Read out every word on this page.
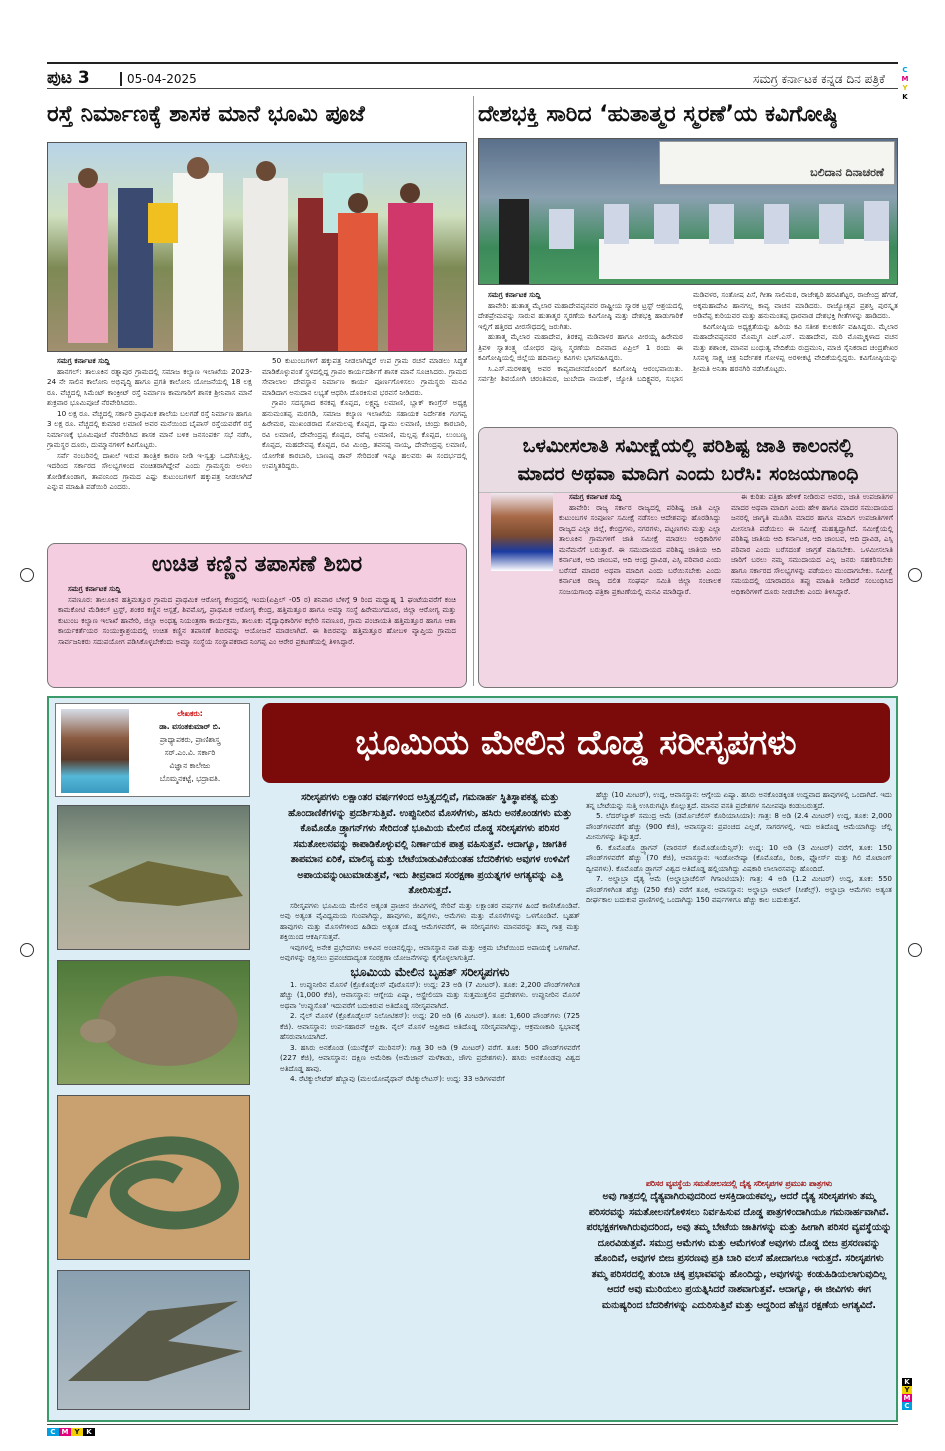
ಪುಟ 3	05-04-2025	ಸಮಗ್ರ ಕರ್ನಾಟಕ ಕನ್ನಡ ದಿನ ಪತ್ರಿಕೆ
C
M
Y
K
ರಸ್ತೆ ನಿರ್ಮಾಣಕ್ಕೆ ಶಾಸಕ ಮಾನೆ ಭೂಮಿ ಪೂಜೆ
ಸಮಗ್ರ ಕರ್ನಾಟಕ ಸುದ್ದಿ

ಹಾನಗಲ್: ತಾಲೂಕಿನ ರತ್ನಾಪುರ ಗ್ರಾಮದಲ್ಲಿ ಸಮಾಜ ಕಲ್ಯಾಣ ಇಲಾಖೆಯ 2023-24 ನೇ ಸಾಲಿನ ಕಾಲೋನಿ ಅಭಿವೃದ್ಧಿ ಹಾಗೂ ಪ್ರಗತಿ ಕಾಲೋನಿ ಯೋಜನೆಯಲ್ಲಿ 18 ಲಕ್ಷ ರೂ. ವೆಚ್ಚದಲ್ಲಿ ಸಿಮೆಂಟ್ ಕಾಂಕ್ರೀಟ್ ರಸ್ತೆ ನಿರ್ಮಾಣ ಕಾಮಗಾರಿಗೆ ಶಾಸಕ ಶ್ರೀನಿವಾಸ ಮಾನೆ ಶುಕ್ರವಾರ ಭೂಮಿಪೂಜೆ ನೆರವೇರಿಸಿದರು.

10 ಲಕ್ಷ ರೂ. ವೆಚ್ಚದಲ್ಲಿ ಸರ್ಕಾರಿ ಪ್ರಾಥಮಿಕ ಶಾಲೆಯ ಬಲಗಡೆ ರಸ್ತೆ ನಿರ್ಮಾಣ ಹಾಗೂ 3 ಲಕ್ಷ ರೂ. ವೆಚ್ಚದಲ್ಲಿ ಕುಮಾರ ಲಮಾಣಿ ಅವರ ಮನೆಯಿಂದ ಬೈಪಾಸ್ ರಸ್ತೆಯವರೆಗೆ ರಸ್ತೆ ನಿರ್ಮಾಣಕ್ಕೆ ಭೂಮಿಪೂಜೆ ನೆರವೇರಿಸಿದ ಶಾಸಕ ಮಾನೆ ಬಳಿಕ ಜನಸಂಪರ್ಕ ಸಭೆ ನಡೆಸಿ, ಗ್ರಾಮಸ್ಥರ ದೂರು, ದುಮ್ಮಾನಗಳಿಗೆ ಕಿವಿಗೊಟ್ಟರು.

ಸರ್ವೆ ನಂಬರಿನಲ್ಲಿ ದಾಖಲೆ ಇರುವ ತಾಂತ್ರಿಕ ಕಾರಣ ನೀಡಿ ಇ-ಸ್ವತ್ತು ಒದಗಿಸುತ್ತಿಲ್ಲ. ಇದರಿಂದ ಸರ್ಕಾರದ ಸೌಲಭ್ಯಗಳಿಂದ ವಂಚಿತರಾಗಿದ್ದೇವೆ ಎಂದು ಗ್ರಾಮಸ್ಥರು ಅಳಲು ತೋಡಿಕೊಂಡಾಗ, ತಾಪಂನಿಂದ ಗ್ರಾಮದ ಎಷ್ಟು ಕುಟುಂಬಗಳಿಗೆ ಹಕ್ಕುಪತ್ರ ನೀಡಲಾಗಿದೆ ಎನ್ನುವ ಮಾಹಿತಿ ಪಡೆಯಿರಿ ಎಂದರು.

50 ಕುಟುಂಬಗಳಿಗೆ ಹಕ್ಕುಪತ್ರ ನೀಡಲಾಗಿದ್ದರೆ ಉಪ ಗ್ರಾಮ ರಚನೆ ಮಾಡಲು ಸಿದ್ಧತೆ ಮಾಡಿಕೊಳ್ಳುವಂತೆ ಸ್ಥಳದಲ್ಲಿದ್ದ ಗ್ರಾಪಂ ಕಾರ್ಯದರ್ಶಿಗೆ ಶಾಸಕ ಮಾನೆ ಸೂಚಿಸಿದರು. ಗ್ರಾಮದ ಸೇವಾಲಾಲ ದೇವಸ್ಥಾನ ನಿರ್ಮಾಣ ಕಾರ್ಯ ಪೂರ್ಣಗೊಳಿಸಲು ಗ್ರಾಮಸ್ಥರು ಮನವಿ ಮಾಡಿದಾಗ ಅನುದಾನ ಲಭ್ಯತೆ ಆಧರಿಸಿ ದೊರಕಿಸುವ ಭರವಸೆ ನೀಡಿದರು.

ಗ್ರಾಪಂ ಸದಸ್ಯರಾದ ಕನಕಪ್ಪ ಕೊಪ್ಪದ, ಲಕ್ಷ್ಮವ್ವ ಲಮಾಣಿ, ಬ್ಲಾಕ್ ಕಾಂಗ್ರೆಸ್ ಅಧ್ಯಕ್ಷ ಹನುಮಂತಪ್ಪ ಮರಗಡಿ, ಸಮಾಜ ಕಲ್ಯಾಣ ಇಲಾಖೆಯ ಸಹಾಯಕ ನಿರ್ದೇಶಕಿ ಗಂಗವ್ವ ಹಿರೇಮಠ, ಮುಖಂಡರಾದ ಸೋಮಲಪ್ಪ ಕೊಪ್ಪದ, ದ್ಯಾಮು ಲಮಾಣಿ, ಚಂದ್ರು ಕಾರಬಾರಿ, ರವಿ ಲಮಾಣಿ, ದೇವೇಂದ್ರಪ್ಪ ಕೊಪ್ಪದ, ರವೆಪ್ಪ ಲಮಾಣಿ, ಮಲ್ಲಪ್ಪ ಕೊಪ್ಪದ, ಲುಂಬಣ್ಣ ಕೊಪ್ಪದ, ಮಹದೇವಪ್ಪ ಕೊಪ್ಪದ, ರವಿ ಮಿಂದ್ರಿ, ತವನಪ್ಪ ನಾಯ್ಕ, ದೇವೇಂದ್ರಪ್ಪ ಲಮಾಣಿ, ಯೋಗೇಶ ಕಾರಬಾರಿ, ಬಾಣಪ್ಪ ಡಾವ್ ಸೇರಿದಂತೆ ಇನ್ನೂ ಹಲವರು ಈ ಸಂದರ್ಭದಲ್ಲಿ ಉಪಸ್ಥಿತರಿದ್ದರು.

ಉಚಿತ ಕಣ್ಣಿನ ತಪಾಸಣೆ ಶಿಬಿರ
ಸಮಗ್ರ ಕರ್ನಾಟಕ ಸುದ್ದಿ

ಸವಣೂರ: ತಾಲೂಕಿನ ಹತ್ತಿಮತ್ತೂರ ಗ್ರಾಮದ ಪ್ರಾಥಮಿಕ ಆರೋಗ್ಯ ಕೇಂದ್ರದಲ್ಲಿ ಇಂದು(ಏಪ್ರಿಲ್ -05 ರ) ಶನಿವಾರ ಬೆಳಿಗ್ಗೆ 9 ರಿಂದ ಮಧ್ಯಾಹ್ನ 1 ಘಂಟೆಯವರೆಗೆ ಕಂಚಿ ಕಾಮಕೋಟಿ ಮೆಡಿಕಲ್ ಟ್ರಸ್ಟ್, ಶಂಕರ ಕಣ್ಣಿನ ಆಸ್ಪತ್ರೆ, ಶಿವಮೊಗ್ಗ, ಪ್ರಾಥಮಿಕ ಆರೋಗ್ಯ ಕೇಂದ್ರ, ಹತ್ತಿಮತ್ತೂರ ಹಾಗೂ ಅಮ್ಮಾ ಸಂಸ್ಥೆ ಹಿರೇಮುಗದೂರ, ಜಿಲ್ಲಾ ಆರೋಗ್ಯ ಮತ್ತು ಕುಟುಂಬ ಕಲ್ಯಾಣ ಇಲಾಖೆ ಹಾವೇರಿ, ಜಿಲ್ಲಾ ಅಂಧತ್ವ ನಿಯಂತ್ರಣಾ ಕಾರ್ಯಕ್ರಮ, ತಾಲೂಕು ವೈದ್ಯಾಧಿಕಾರಿಗಳ ಕಛೇರಿ ಸವಣೂರ, ಗ್ರಾಮ ಪಂಚಾಯತಿ ಹತ್ತಿಮತ್ತೂರ ಹಾಗೂ ಆಶಾ ಕಾರ್ಯಕರ್ತೆಯರ ಸಂಯುಕ್ತಾಶ್ರಯದಲ್ಲಿ ಉಚಿತ ಕಣ್ಣಿನ ತಪಾಸಣೆ ಶಿಬಿರವನ್ನು ಆಯೋಜನೆ ಮಾಡಲಾಗಿದೆ. ಈ ಶಿಬಿರವನ್ನು ಹತ್ತಿಮತ್ತೂರ ಹೋಬಳಿ ವ್ಯಾಪ್ತಿಯ ಗ್ರಾಮದ ಸಾರ್ವಜನಿಕರು ಸದುಪಯೋಗ ಪಡಿಸಿಕೊಳ್ಳಬೇಕೆಂದು ಅಮ್ಮಾ ಸಂಸ್ಥೆಯ ಸಂಸ್ಥಾಪಕರಾದ ನಿಂಗಪ್ಪ ಎಂ ಆರೇರ ಪ್ರಕಟಣೆಯಲ್ಲಿ ತಿಳಿಸಿದ್ದಾರೆ.

ದೇಶಭಕ್ತಿ ಸಾರಿದ ‘ಹುತಾತ್ಮರ ಸ್ಮರಣೆ’ಯ ಕವಿಗೋಷ್ಠಿ
ಬಲಿದಾನ ದಿನಾಚರಣೆ
ಸಮಗ್ರ ಕರ್ನಾಟಕ ಸುದ್ದಿ

ಹಾವೇರಿ: ಹುತಾತ್ಮ ಮೈಲಾರ ಮಹಾದೇವಪ್ಪನವರ ರಾಷ್ಟ್ರೀಯ ಸ್ಮಾರಕ ಟ್ರಸ್ಟ್ ಆಶ್ರಯದಲ್ಲಿ ದೇಶಪ್ರೇಮವನ್ನು ಸಾರುವ ಹುತಾತ್ಮರ ಸ್ಮರಣೆಯ ಕವಿಗೋಷ್ಠಿ ಮತ್ತು ದೇಶಭಕ್ತಿ ಹಾಡುಗಾರಿಕೆ ಇಲ್ಲಿಗೆ ಹತ್ತಿರದ ವೀರಸೌಧದಲ್ಲಿ ಜರುಗಿತು.

ಹುತಾತ್ಮ ಮೈಲಾರ ಮಹಾದೇವ, ತಿರಕಪ್ಪ ಮಡಿವಾಳರ ಹಾಗೂ ವೀರಯ್ಯ ಹಿರೇಮಠ ತ್ರಿವಳಿ ಸ್ವಾತಂತ್ರ್ಯ ಯೋಧರ ಪುಣ್ಯ ಸ್ಮರಣೆಯ ದಿನವಾದ ಏಪ್ರಿಲ್ 1 ರಂದು ಈ ಕವಿಗೋಷ್ಠಿಯಲ್ಲಿ ಜಿಲ್ಲೆಯ ಹದಿನಾಲ್ಕು ಕವಿಗಳು ಭಾಗವಹಿಸಿದ್ದರು.

ಸಿ.ಎಸ್.ಮರಳಿಹಳ್ಳಿ ಅವರ ಕಾವ್ಯವಾಚನದೊಂದಿಗೆ ಕವಿಗೋಷ್ಠಿ ಆರಂಭವಾಯಿತು. ಸರ್ವಶ್ರೀ ಶಿವಯೋಗಿ ಚರಂತಿಮಠ, ಜುಬೇದಾ ನಾಯಕ್, ಜ್ಯೋತಿ ಬದಿಕ್ಟ್ಯವರ, ಸುಭಾಸ ಮಡಿವಳರ, ಸಂತೋಷ ಪಿಸೆ, ಗೀತಾ ಸಾಲಿಮಠ, ರಾಜೇಶ್ವರಿ ಹರವಿಶೆಟ್ಟರ, ರಾಜೇಂದ್ರ ಹೆಗಡೆ, ಅಕ್ಕಮಹಾದೇವಿ ಹಾನಗಲ್ಲ ಕಾವ್ಯ ವಾಚನ ಮಾಡಿದರು. ರಾಜ್ಯೋತ್ಸವ ಪ್ರಶಸ್ತಿ ಪುರಸ್ಕೃತ ಅಡಿವೆಪ್ಪ ಕುರಿಯವರ ಮತ್ತು ಹನುಮಂತಪ್ಪ ಧಾರವಾಡ ದೇಶಭಕ್ತಿ ಗೀತೆಗಳನ್ನು ಹಾಡಿದರು.

ಕವಿಗೋಷ್ಠಿಯ ಅಧ್ಯಕ್ಷತೆಯನ್ನು ಹಿರಿಯ ಕವಿ ಸತೀಶ ಕುಲಕರ್ಣಿ ವಹಿಸಿದ್ದರು. ಮೈಲಾರ ಮಹಾದೇವಪ್ಪನವರ ಮೊಮ್ಮಗ ಎಚ್.ಎಸ್. ಮಹಾದೇವ, ಮರಿ ಮೊಮ್ಮಕ್ಕಳಾದ ವಚನ ಮತ್ತು ಶಶಾಂಕ, ಮಾನವ ಬಂಧುತ್ವ ವೇದಿಕೆಯ ರುದ್ರಮುನಿ, ಮಾಜಿ ಸೈನಿಕರಾದ ಚಂದ್ರಶೇಖರ ಸಿಸನಳ್ಳಿ ಸಾಕ್ಷ್ಯ ಚಿತ್ರ ನಿರ್ದೇಶಕ ಗೋಳಪ್ಪ ಅರಳೀಕಟ್ಟಿ ವೇದಿಕೆಯಲ್ಲಿದ್ದರು. ಕವಿಗೋಷ್ಠಿಯನ್ನು ಶ್ರೀಮತಿ ಅನಿತಾ ಹರನಗಿರಿ ನಡೆಸಿಕೊಟ್ಟರು.

ಒಳಮೀಸಲಾತಿ ಸಮೀಕ್ಷೆಯಲ್ಲಿ ಪರಿಶಿಷ್ಟ ಜಾತಿ ಕಾಲಂನಲ್ಲಿ
ಮಾದರ ಅಥವಾ ಮಾದಿಗ ಎಂದು ಬರೆಸಿ: ಸಂಜಯಗಾಂಧಿ
ಸಮಗ್ರ ಕರ್ನಾಟಕ ಸುದ್ದಿ

ಹಾವೇರಿ: ರಾಜ್ಯ ಸರ್ಕಾರ ರಾಜ್ಯದಲ್ಲಿ ಪರಿಶಿಷ್ಟ ಜಾತಿ ಎಲ್ಲಾ ಕುಟುಂಬಗಳ ಸಂಪೂರ್ಣ ಸಮೀಕ್ಷೆ ನಡೆಸಲು ಆದೇಶವನ್ನು ಹೊರಡಿಸಿದ್ದು ರಾಜ್ಯದ ಎಲ್ಲಾ ಜಿಲ್ಲೆ, ಕೇಂದ್ರಗಳು, ನಗರಗಳು, ಪಟ್ಟಣಗಳು ಮತ್ತು ಎಲ್ಲಾ ತಾಲೂಕಿನ ಗ್ರಾಮಗಳಿಗೆ ಜಾತಿ ಸಮೀಕ್ಷೆ ಮಾಡಲು ಅಧಿಕಾರಿಗಳ ಮನೆಮನೆಗೆ ಬರುತ್ತಾರೆ. ಈ ಸಮುದಾಯದ ಪರಿಶಿಷ್ಟ ಜಾತಿಯ ಆದಿ ಕರ್ನಾಟಕ, ಆದಿ ಜಾಂಬವ, ಆದಿ ಆಂಧ್ರ ದ್ರಾವಿಡ, ಎಸ್ಸಿ ಪರಿವಾರ ಎಂದು ಬರೆಸದೆ ಮಾದರ ಅಥವಾ ಮಾದಿಗ ಎಂದು ಬರೆಯಿಸಬೇಕು ಎಂದು ಕರ್ನಾಟಕ ರಾಜ್ಯ ದಲಿತ ಸಂಘರ್ಷ ಸಮಿತಿ ಜಿಲ್ಲಾ ಸಂಚಾಲಕ ಸಂಜಯಗಾಂಧಿ ಪತ್ರಿಕಾ ಪ್ರಕಟಣೆಯಲ್ಲಿ ಮನವಿ ಮಾಡಿದ್ದಾರೆ.

ಈ ಕುರಿತು ಪತ್ರಿಕಾ ಹೇಳಿಕೆ ನೀಡಿರುವ ಅವರು, ಜಾತಿ ಉಪಜಾತಿಗಳ ಮಾದರ ಅಥವಾ ಮಾದಿಗ ಎಂದು ಹೇಳಿ ಹಾಗೂ ಮಾದರ ಸಮುದಾಯದ ಜನರಲ್ಲಿ ಜಾಗೃತಿ ಮೂಡಿಸಿ ಮಾದರ ಹಾಗೂ ಮಾದಿಗ ಉಪಜಾತಿಗಳಿಗೆ ಮೀಸಲಾತಿ ಪಡೆಯಲು ಈ ಸಮೀಕ್ಷೆ ಮಹತ್ವದ್ದಾಗಿದೆ. ಸಮೀಕ್ಷೆಯಲ್ಲಿ ಪರಿಶಿಷ್ಟ ಜಾತಿಯ ಆದಿ ಕರ್ನಾಟಕ, ಆದಿ ಜಾಂಬವ, ಆದಿ ದ್ರಾವಿಡ, ಎಸ್ಸಿ ಪರಿವಾರ ಎಂದು ಬರೆಸದಂತೆ ಜಾಗ್ರತೆ ವಹಿಸಬೇಕು. ಒಳಮೀಸಲಾತಿ ಜಾರಿಗೆ ಬರಲು ನಮ್ಮ ಸಮುದಾಯದ ಎಲ್ಲ ಜನರು ಸಹಕರಿಸಬೇಕು ಹಾಗೂ ಸರ್ಕಾರದ ಸೌಲಭ್ಯಗಳನ್ನು ಪಡೆಯಲು ಮುಂದಾಗಬೇಕು. ಸಮೀಕ್ಷೆ ಸಮಯದಲ್ಲಿ ಯಾರಾದರೂ ತಪ್ಪು ಮಾಹಿತಿ ನೀಡಿದರೆ ಸಂಬಂಧಿಸಿದ ಅಧಿಕಾರಿಗಳಿಗೆ ದೂರು ನೀಡಬೇಕು ಎಂದು ತಿಳಿಸಿದ್ದಾರೆ.

ಲೇಖಕರು:
ಡಾ. ವಸಂತಕುಮಾರ್ ಬಿ.
ಪ್ರಾಧ್ಯಾಪಕರು, ಪ್ರಾಣಿಶಾಸ್ತ್ರ
ಸರ್.ಎಂ.ವಿ. ಸರ್ಕಾರಿ
ವಿಜ್ಞಾನ ಕಾಲೇಜು
ಬೊಮ್ಮನಕಟ್ಟೆ, ಭದ್ರಾವತಿ.
ಭೂಮಿಯ ಮೇಲಿನ ದೊಡ್ಡ ಸರೀಸೃಪಗಳು
ಸರೀಸೃಪಗಳು ಲಕ್ಷಾಂತರ ವರ್ಷಗಳಿಂದ ಅಸ್ತಿತ್ವದಲ್ಲಿವೆ, ಗಮನಾರ್ಹ ಸ್ಥಿತಿಸ್ಥಾಪಕತ್ವ ಮತ್ತು ಹೊಂದಾಣಿಕೆಗಳನ್ನು ಪ್ರದರ್ಶಿಸುತ್ತಿವೆ. ಉಪ್ಪುನೀರಿನ ಮೊಸಳೆಗಳು, ಹಸಿರು ಅನಕೊಂಡಗಳು ಮತ್ತು ಕೊಮೊಡೊ ಡ್ರ್ಯಾಗನ್‌ಗಳು ಸೇರಿದಂತೆ ಭೂಮಿಯ ಮೇಲಿನ ದೊಡ್ಡ ಸರೀಸೃಪಗಳು ಪರಿಸರ ಸಮತೋಲನವನ್ನು ಕಾಪಾಡಿಕೊಳ್ಳುವಲ್ಲಿ ನಿರ್ಣಾಯಕ ಪಾತ್ರ ವಹಿಸುತ್ತವೆ. ಆದಾಗ್ಯೂ, ಜಾಗತಿಕ ತಾಪಮಾನ ಏರಿಕೆ, ಮಾಲಿನ್ಯ ಮತ್ತು ಬೇಟೆಯಾಡುವಿಕೆಯಂತಹ ಬೆದರಿಕೆಗಳು ಅವುಗಳ ಉಳಿವಿಗೆ ಅಪಾಯವನ್ನುಂಟುಮಾಡುತ್ತವೆ, ಇದು ತೀವ್ರವಾದ ಸಂರಕ್ಷಣಾ ಪ್ರಯತ್ನಗಳ ಅಗತ್ಯವನ್ನು ಎತ್ತಿ ತೋರಿಸುತ್ತದೆ.

ಸರೀಸೃಪಗಳು ಭೂಮಿಯ ಮೇಲಿನ ಅತ್ಯಂತ ಪ್ರಾಚೀನ ಜೀವಿಗಳಲ್ಲಿ ಸೇರಿವೆ ಮತ್ತು ಲಕ್ಷಾಂತರ ವರ್ಷಗಳ ಹಿಂದೆ ಕಾಣಿಸಿಕೊಂಡಿವೆ. ಅವು ಅತ್ಯಂತ ವೈವಿಧ್ಯಮಯ ಗುಂಪಾಗಿದ್ದು, ಹಾವುಗಳು, ಹಲ್ಲಿಗಳು, ಆಮೆಗಳು ಮತ್ತು ಮೊಸಳೆಗಳನ್ನು ಒಳಗೊಂಡಿವೆ. ಬೃಹತ್ ಹಾವುಗಳು ಮತ್ತು ಮೊಸಳೆಗಳಿಂದ ಹಿಡಿದು ಅತ್ಯಂತ ದೊಡ್ಡ ಆಮೆಗಳವರೆಗೆ, ಈ ಸರೀಸೃಪಗಳು ಮಾನವರನ್ನು ತಮ್ಮ ಗಾತ್ರ ಮತ್ತು ಶಕ್ತಿಯಿಂದ ಆಕರ್ಷಿಸುತ್ತವೆ.

ಇವುಗಳಲ್ಲಿ ಅನೇಕ ಪ್ರಭೇದಗಳು ಅಳಿವಿನ ಅಂಚಿನಲ್ಲಿದ್ದು, ಆವಾಸಸ್ಥಾನ ನಾಶ ಮತ್ತು ಅಕ್ರಮ ಬೇಟೆಯಿಂದ ಅಪಾಯಕ್ಕೆ ಒಳಗಾಗಿವೆ. ಅವುಗಳನ್ನು ರಕ್ಷಿಸಲು ಪ್ರಪಂಚದಾದ್ಯಂತ ಸಂರಕ್ಷಣಾ ಯೋಜನೆಗಳನ್ನು ಕೈಗೊಳ್ಳಲಾಗುತ್ತಿದೆ.

ಭೂಮಿಯ ಮೇಲಿನ ಬೃಹತ್ ಸರೀಸೃಪಗಳು

1. ಉಪ್ಪುನೀರಿನ ಮೊಸಳೆ (ಕ್ರೊಕೊಡೈಲಸ್ ಪೊರೊಸಸ್): ಉದ್ದ: 23 ಅಡಿ (7 ಮೀಟರ್). ತೂಕ: 2,200 ಪೌಂಡ್‌ಗಳಿಗಿಂತ ಹೆಚ್ಚು (1,000 ಕೆಜಿ), ಆವಾಸಸ್ಥಾನ: ಆಗ್ನೇಯ ಏಷ್ಯಾ, ಆಸ್ಟ್ರೇಲಿಯಾ ಮತ್ತು ಸುತ್ತಮುತ್ತಲಿನ ಪ್ರದೇಶಗಳು. ಉಪ್ಪುನೀರಿನ ಮೊಸಳೆ ಅಥವಾ 'ಉಪ್ಪುಸೊತ' ಇದುವರೆಗೆ ಬದುಕಿರುವ ಅತಿದೊಡ್ಡ ಸರೀಸೃಪವಾಗಿದೆ.

2. ನೈಲ್ ಮೊಸಳೆ (ಕ್ರೊಕೊಡೈಲಸ್ ನಿಲೋಟಿಕಸ್): ಉದ್ದ: 20 ಅಡಿ (6 ಮೀಟರ್). ತೂಕ: 1,600 ಪೌಂಡ್‌ಗಳು (725 ಕೆಜಿ). ಆವಾಸಸ್ಥಾನ: ಉಪ-ಸಹಾರನ್ ಆಫ್ರಿಕಾ. ನೈಲ್ ಮೊಸಳೆ ಆಫ್ರಿಕಾದ ಅತಿದೊಡ್ಡ ಸರೀಸೃಪವಾಗಿದ್ದು, ಆಕ್ರಮಣಕಾರಿ ಸ್ವಭಾವಕ್ಕೆ ಹೆಸರುವಾಸಿಯಾಗಿದೆ.

3. ಹಸಿರು ಅನಕೊಂಡ (ಯುನೆಕ್ಟೆಸ್ ಮುರಿನಸ್): ಗಾತ್ರ 30 ಅಡಿ (9 ಮೀಟರ್) ವರೆಗೆ. ತೂಕ: 500 ಪೌಂಡ್‌ಗಳವರೆಗೆ (227 ಕೆಜಿ), ಆವಾಸಸ್ಥಾನ: ದಕ್ಷಿಣ ಅಮೆರಿಕಾ (ಅಮೆಜಾನ್ ಮಳೆಕಾಡು, ಜೌಗು ಪ್ರದೇಶಗಳು). ಹಸಿರು ಅನಕೊಂಡವು ವಿಶ್ವದ ಅತಿದೊಡ್ಡ ಹಾವು.

4. ರೆಟಿಕ್ಯುಲೇಟೆಡ್ ಹೆಬ್ಬಾವು (ಮಲಯೋಪೈಥಾನ್ ರೆಟಿಕ್ಯುಲೇಟಸ್): ಉದ್ದ: 33 ಅಡಿಗಳವರೆಗೆ

ಹೆಚ್ಚು (10 ಮೀಟರ್), ಉದ್ದ, ಆವಾಸಸ್ಥಾನ: ಆಗ್ನೇಯ ಏಷ್ಯಾ. ಹಸಿರು ಅನಕೊಂಡಕ್ಕಿಂತ ಉದ್ದವಾದ ಹಾವುಗಳಲ್ಲಿ ಒಂದಾಗಿದೆ. ಇದು ತನ್ನ ಬೇಟೆಯನ್ನು ಸುತ್ತಿ ಉಸಿರುಗಟ್ಟಿಸಿ ಕೊಲ್ಲುತ್ತದೆ. ಮಾನವ ವಸತಿ ಪ್ರದೇಶಗಳ ಸಮೀಪವೂ ಕಂಡುಬರುತ್ತದೆ.

5. ಲೆದರ್‌ಬ್ಯಾಕ್ ಸಮುದ್ರ ಆಮೆ (ಡರ್ಮೊಚೆಲಿಸ್ ಕೊರಿಯಾಸಿಯಾ): ಗಾತ್ರ: 8 ಅಡಿ (2.4 ಮೀಟರ್) ಉದ್ದ, ತೂಕ: 2,000 ಪೌಂಡ್‌ಗಳವರೆಗೆ ಹೆಚ್ಚು (900 ಕೆಜಿ), ಆವಾಸಸ್ಥಾನ: ಪ್ರಪಂಚದ ಎಲ್ಲಡೆ, ಸಾಗರಗಳಲ್ಲಿ. ಇದು ಅತಿದೊಡ್ಡ ಆಮೆಯಾಗಿದ್ದು ಜೆಲ್ಲಿ ಮೀನುಗಳನ್ನು ತಿನ್ನುತ್ತದೆ.

6. ಕೊಮೊಡೊ ಡ್ರ್ಯಾಗನ್ (ವಾರನಸ್ ಕೊಮೊಡೊಯೆನ್ಸಿಸ್): ಉದ್ದ: 10 ಅಡಿ (3 ಮೀಟರ್) ವರೆಗೆ, ತೂಕ: 150 ಪೌಂಡ್‌ಗಳವರೆಗೆ ಹೆಚ್ಚು (70 ಕೆಜಿ), ಆವಾಸಸ್ಥಾನ: ಇಂಡೋನೇಷ್ಯಾ (ಕೊಮೊಡೊ, ರಿಂಕಾ, ಫ್ಲೋರ್ಸ್ ಮತ್ತು ಗಿಲಿ ಮೊಟಾಂಗ್ ದ್ವೀಪಗಳು). ಕೊಮೊಡೊ ಡ್ರ್ಯಾಗನ್ ವಿಶ್ವದ ಅತಿದೊಡ್ಡ ಹಲ್ಲಿಯಾಗಿದ್ದು ವಿಷಕಾರಿ ಲಾಲಾರಸವನ್ನು ಹೊಂದಿದೆ.

7. ಅಲ್ಡಾಬ್ರಾ ದೈತ್ಯ ಆಮೆ (ಅಲ್ಡಾಬ್ರಾಚೆಲಿಸ್ ಗಿಗಾಂಟಿಯಾ): ಗಾತ್ರ: 4 ಅಡಿ (1.2 ಮೀಟರ್) ಉದ್ದ, ತೂಕ: 550 ಪೌಂಡ್‌ಗಳಿಗಿಂತ ಹೆಚ್ಚು (250 ಕೆಜಿ) ವರೆಗೆ ತೂಕ, ಆವಾಸಸ್ಥಾನ: ಅಲ್ಡಾಬ್ರಾ ಅಟಾಲ್ (ಸೀಶೆಲ್ಸ್). ಅಲ್ಡಾಬ್ರಾ ಆಮೆಗಳು ಅತ್ಯಂತ ದೀರ್ಘಕಾಲ ಬದುಕುವ ಪ್ರಾಣಿಗಳಲ್ಲಿ ಒಂದಾಗಿದ್ದು 150 ವರ್ಷಗಳಿಗೂ ಹೆಚ್ಚು ಕಾಲ ಬದುಕುತ್ತವೆ.

ಪರಿಸರ ವ್ಯವಸ್ಥೆಯ ಸಮತೋಲನದಲ್ಲಿ ದೈತ್ಯ ಸರೀಸೃಪಗಳ ಪ್ರಮುಖ ಪಾತ್ರಗಳು
ಅವು ಗಾತ್ರದಲ್ಲಿ ದೈತ್ಯವಾಗಿರುವುದರಿಂದ ಆಸಕ್ತಿದಾಯಕವಲ್ಲ, ಆದರೆ ದೈತ್ಯ ಸರೀಸೃಪಗಳು ತಮ್ಮ ಪರಿಸರವನ್ನು ಸಮತೋಲನಗೊಳಿಸಲು ನಿರ್ವಹಿಸುವ ದೊಡ್ಡ ಪಾತ್ರಗಳಿಂದಾಗಿಯೂ ಗಮನಾರ್ಹವಾಗಿವೆ. ಪರಭಕ್ಷಕಗಳಾಗಿರುವುದರಿಂದ, ಅವು ತಮ್ಮ ಬೇಟೆಯ ಜಾತಿಗಳನ್ನು ಮತ್ತು ಹೀಗಾಗಿ ಪರಿಸರ ವ್ಯವಸ್ಥೆಯನ್ನು ದೂರವಿಡುತ್ತವೆ. ಸಮುದ್ರ ಆಮೆಗಳು ಮತ್ತು ಆಮೆಗಳಂತೆ ಅವುಗಳು ದೊಡ್ಡ ಬೀಜ ಪ್ರಸರಣವನ್ನು ಹೊಂದಿವೆ, ಅವುಗಳ ಬೀಜ ಪ್ರಸರಣವು ಪ್ರತಿ ಬಾರಿ ವಲಸೆ ಹೋದಾಗಲೂ ಇರುತ್ತದೆ. ಸರೀಸೃಪಗಳು ತಮ್ಮ ಪರಿಸರದಲ್ಲಿ ತುಂಬಾ ಚಿಕ್ಕ ಪ್ರಭಾವವನ್ನು ಹೊಂದಿದ್ದು, ಅವುಗಳನ್ನು ಕಂಡುಹಿಡಿಯಲಾಗುವುದಿಲ್ಲ ಆದರೆ ಅವು ಮುರಿಯಲು ಪ್ರಯತ್ನಿಸಿದರೆ ನಾಶವಾಗುತ್ತವೆ. ಆದಾಗ್ಯೂ, ಈ ಜೀವಿಗಳು ಈಗ ಮನುಷ್ಯರಿಂದ ಬೆದರಿಕೆಗಳನ್ನು ಎದುರಿಸುತ್ತಿವೆ ಮತ್ತು ಆದ್ದರಿಂದ ಹೆಚ್ಚಿನ ರಕ್ಷಣೆಯ ಅಗತ್ಯವಿದೆ.
C M Y K
K
Y
M
C
